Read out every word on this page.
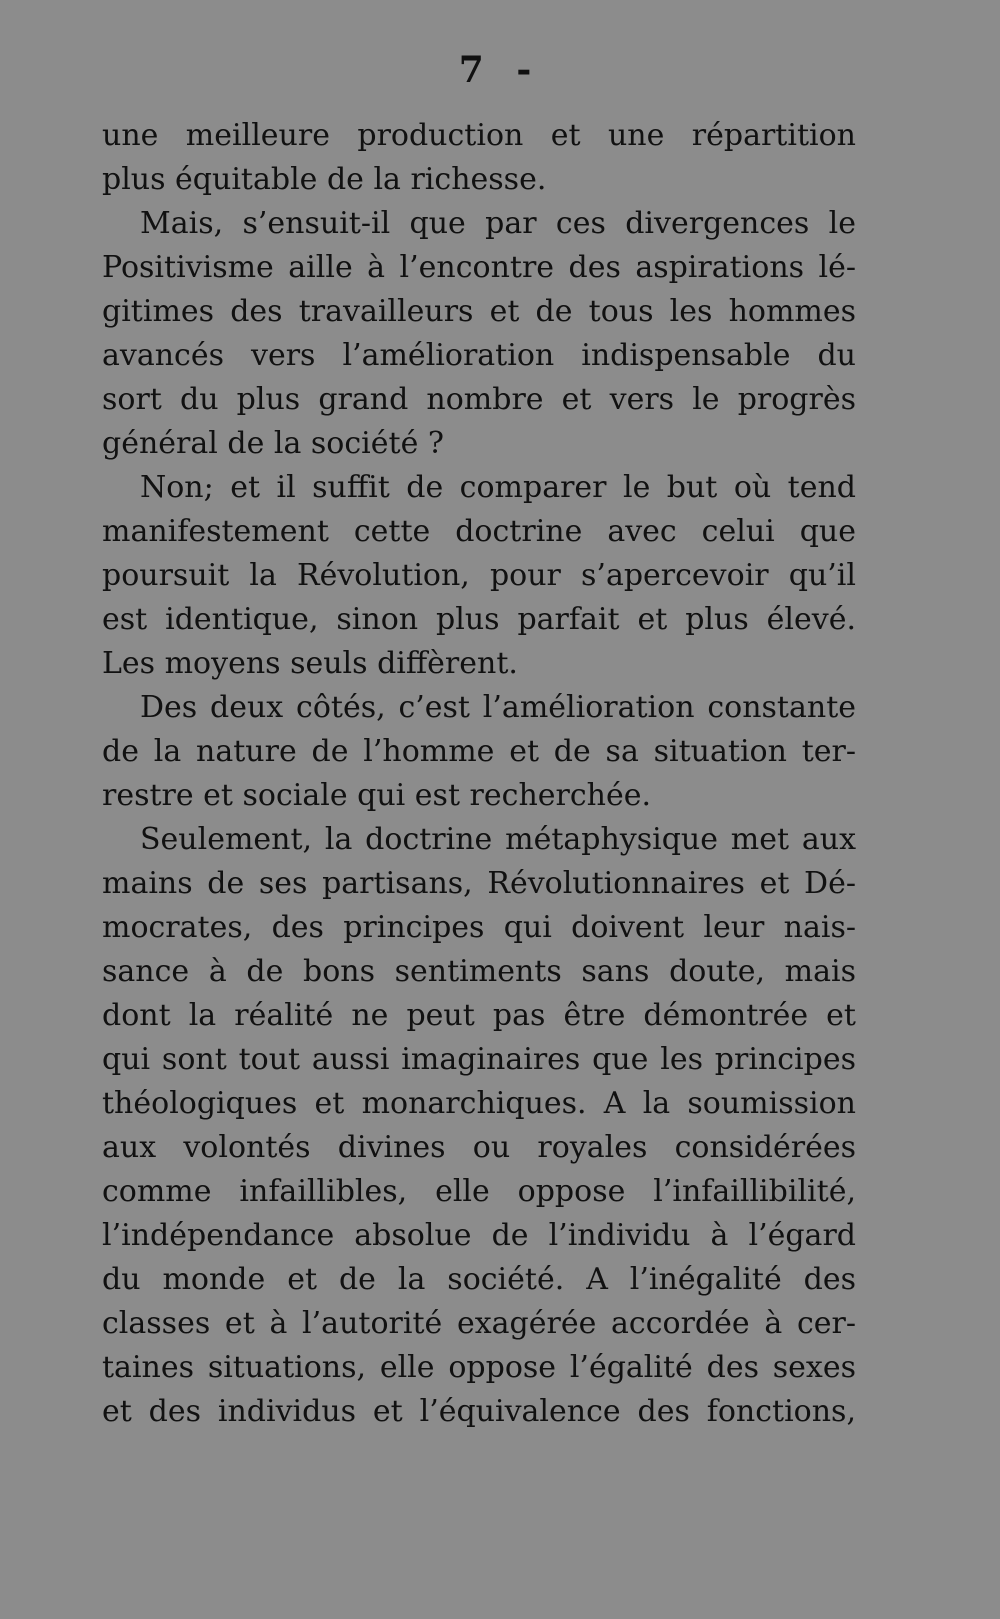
7 -
une meilleure production et une répartition
plus équitable de la richesse.
Mais, s’ensuit-il que par ces divergences le
Positivisme aille à l’encontre des aspirations lé-
gitimes des travailleurs et de tous les hommes
avancés vers l’amélioration indispensable du
sort du plus grand nombre et vers le progrès
général de la société ?
Non; et il suffit de comparer le but où tend
manifestement cette doctrine avec celui que
poursuit la Révolution, pour s’apercevoir qu’il
est identique, sinon plus parfait et plus élevé.
Les moyens seuls diffèrent.
Des deux côtés, c’est l’amélioration constante
de la nature de l’homme et de sa situation ter-
restre et sociale qui est recherchée.
Seulement, la doctrine métaphysique met aux
mains de ses partisans, Révolutionnaires et Dé-
mocrates, des principes qui doivent leur nais-
sance à de bons sentiments sans doute, mais
dont la réalité ne peut pas être démontrée et
qui sont tout aussi imaginaires que les principes
théologiques et monarchiques. A la soumission
aux volontés divines ou royales considérées
comme infaillibles, elle oppose l’infaillibilité,
l’indépendance absolue de l’individu à l’égard
du monde et de la société. A l’inégalité des
classes et à l’autorité exagérée accordée à cer-
taines situations, elle oppose l’égalité des sexes
et des individus et l’équivalence des fonctions,
